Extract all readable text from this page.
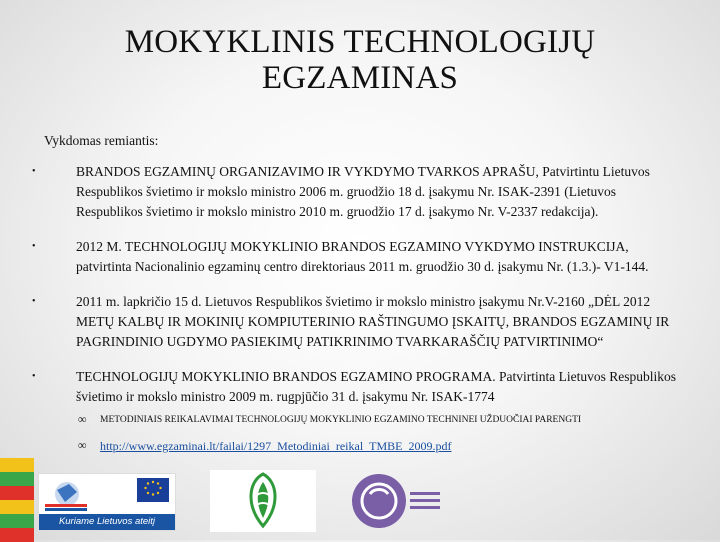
MOKYKLINIS TECHNOLOGIJŲ
EGZAMINAS
Vykdomas remiantis:
•	BRANDOS EGZAMINŲ ORGANIZAVIMO IR VYKDYMO TVARKOS APRAŠU, Patvirtintu Lietuvos Respublikos švietimo ir mokslo ministro 2006 m. gruodžio 18 d. įsakymu Nr. ISAK-2391 (Lietuvos Respublikos švietimo ir mokslo ministro 2010 m. gruodžio 17 d. įsakymo Nr. V-2337 redakcija).
•	2012 M. TECHNOLOGIJŲ MOKYKLINIO BRANDOS EGZAMINO VYKDYMO INSTRUKCIJA, patvirtinta Nacionalinio egzaminų centro direktoriaus 2011 m. gruodžio 30 d. įsakymu Nr. (1.3.)- V1-144.
•	2011 m. lapkričio 15 d. Lietuvos Respublikos švietimo ir mokslo ministro įsakymu Nr.V-2160 „DĖL 2012 METŲ KALBŲ IR MOKINIŲ KOMPIUTERINIO RAŠTINGUMO ĮSKAITŲ, BRANDOS EGZAMINŲ IR PAGRINDINIO UGDYMO PASIEKIMŲ PATIKRINIMO TVARKARAŠČIŲ PATVIRTINIMO“
•	TECHNOLOGIJŲ MOKYKLINIO BRANDOS EGZAMINO PROGRAMA. Patvirtinta Lietuvos Respublikos švietimo ir mokslo ministro 2009 m. rugpjūčio 31 d. įsakymu Nr. ISAK-1774
∞ METODINIAIS REIKALAVIMAI TECHNOLOGIJŲ MOKYKLINIO EGZAMINO TECHNINEI UŽDUOČIAI PARENGTI
∞ http://www.egzaminai.lt/failai/1297_Metodiniai_reikal_TMBE_2009.pdf
Kuriame Lietuvos ateitį
